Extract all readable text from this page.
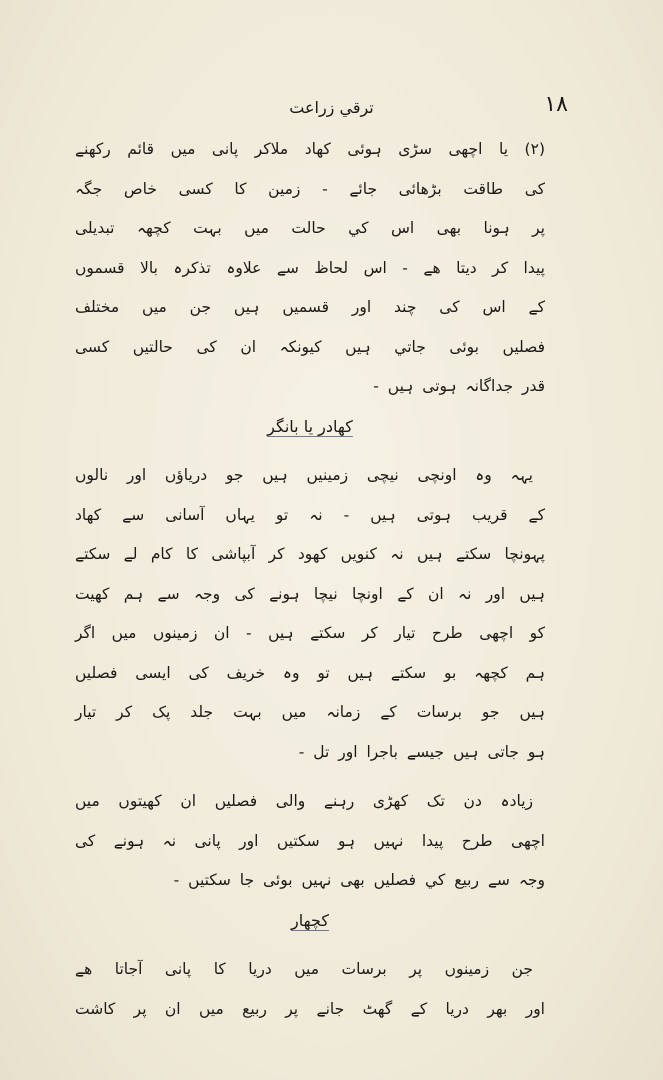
١٨
ترقي زراعت
(٢) یا اچھی سڑی ہوئی کھاد ملاکر پانی میں قائم رکھنے
کی طاقت بڑھائی جائے - زمین کا کسی خاص جگہ
پر ہونا بھی اس کي حالت میں بہت کچھہ تبدیلی
پیدا کر دیتا ھے - اس لحاظ سے علاوہ تذکرہ بالا قسموں
کے اس کی چند اور قسمیں ہیں جن میں مختلف
فصلیں بوئی جاتي ہیں کیونکہ ان کی حالتیں کسی
قدر جداگانہ ہوتی ہیں -
کھادر یا بانگر
یہہ وہ اونچی نیچی زمینیں ہیں جو دریاؤں اور نالوں
کے قریب ہوتی ہیں - نہ تو یہاں آسانی سے کھاد
پہونچا سکتے ہیں نہ کنویں کھود کر آبپاشی کا کام لے سکتے
ہیں اور نہ ان کے اونچا نیچا ہونے کی وجہ سے ہم کھیت
کو اچھی طرح تیار کر سکتے ہیں - ان زمینوں میں اگر
ہم کچھہ بو سکتے ہیں تو وہ خریف کی ایسی فصلیں
ہیں جو برسات کے زمانہ میں بہت جلد پک کر تیار
ہو جاتی ہیں جیسے باجرا اور تل -
زیادہ دن تک کھڑی رہنے والی فصلیں ان کھیتوں میں
اچھی طرح پیدا نہیں ہو سکتیں اور پانی نہ ہونے کی
وجہ سے ربیع کي فصلیں بھی نہیں بوئی جا سکتیں -
کچھار
جن زمینوں پر برسات میں دریا کا پانی آجاتا ھے
اور بھر دریا کے گھٹ جانے پر ربیع میں ان پر کاشت
